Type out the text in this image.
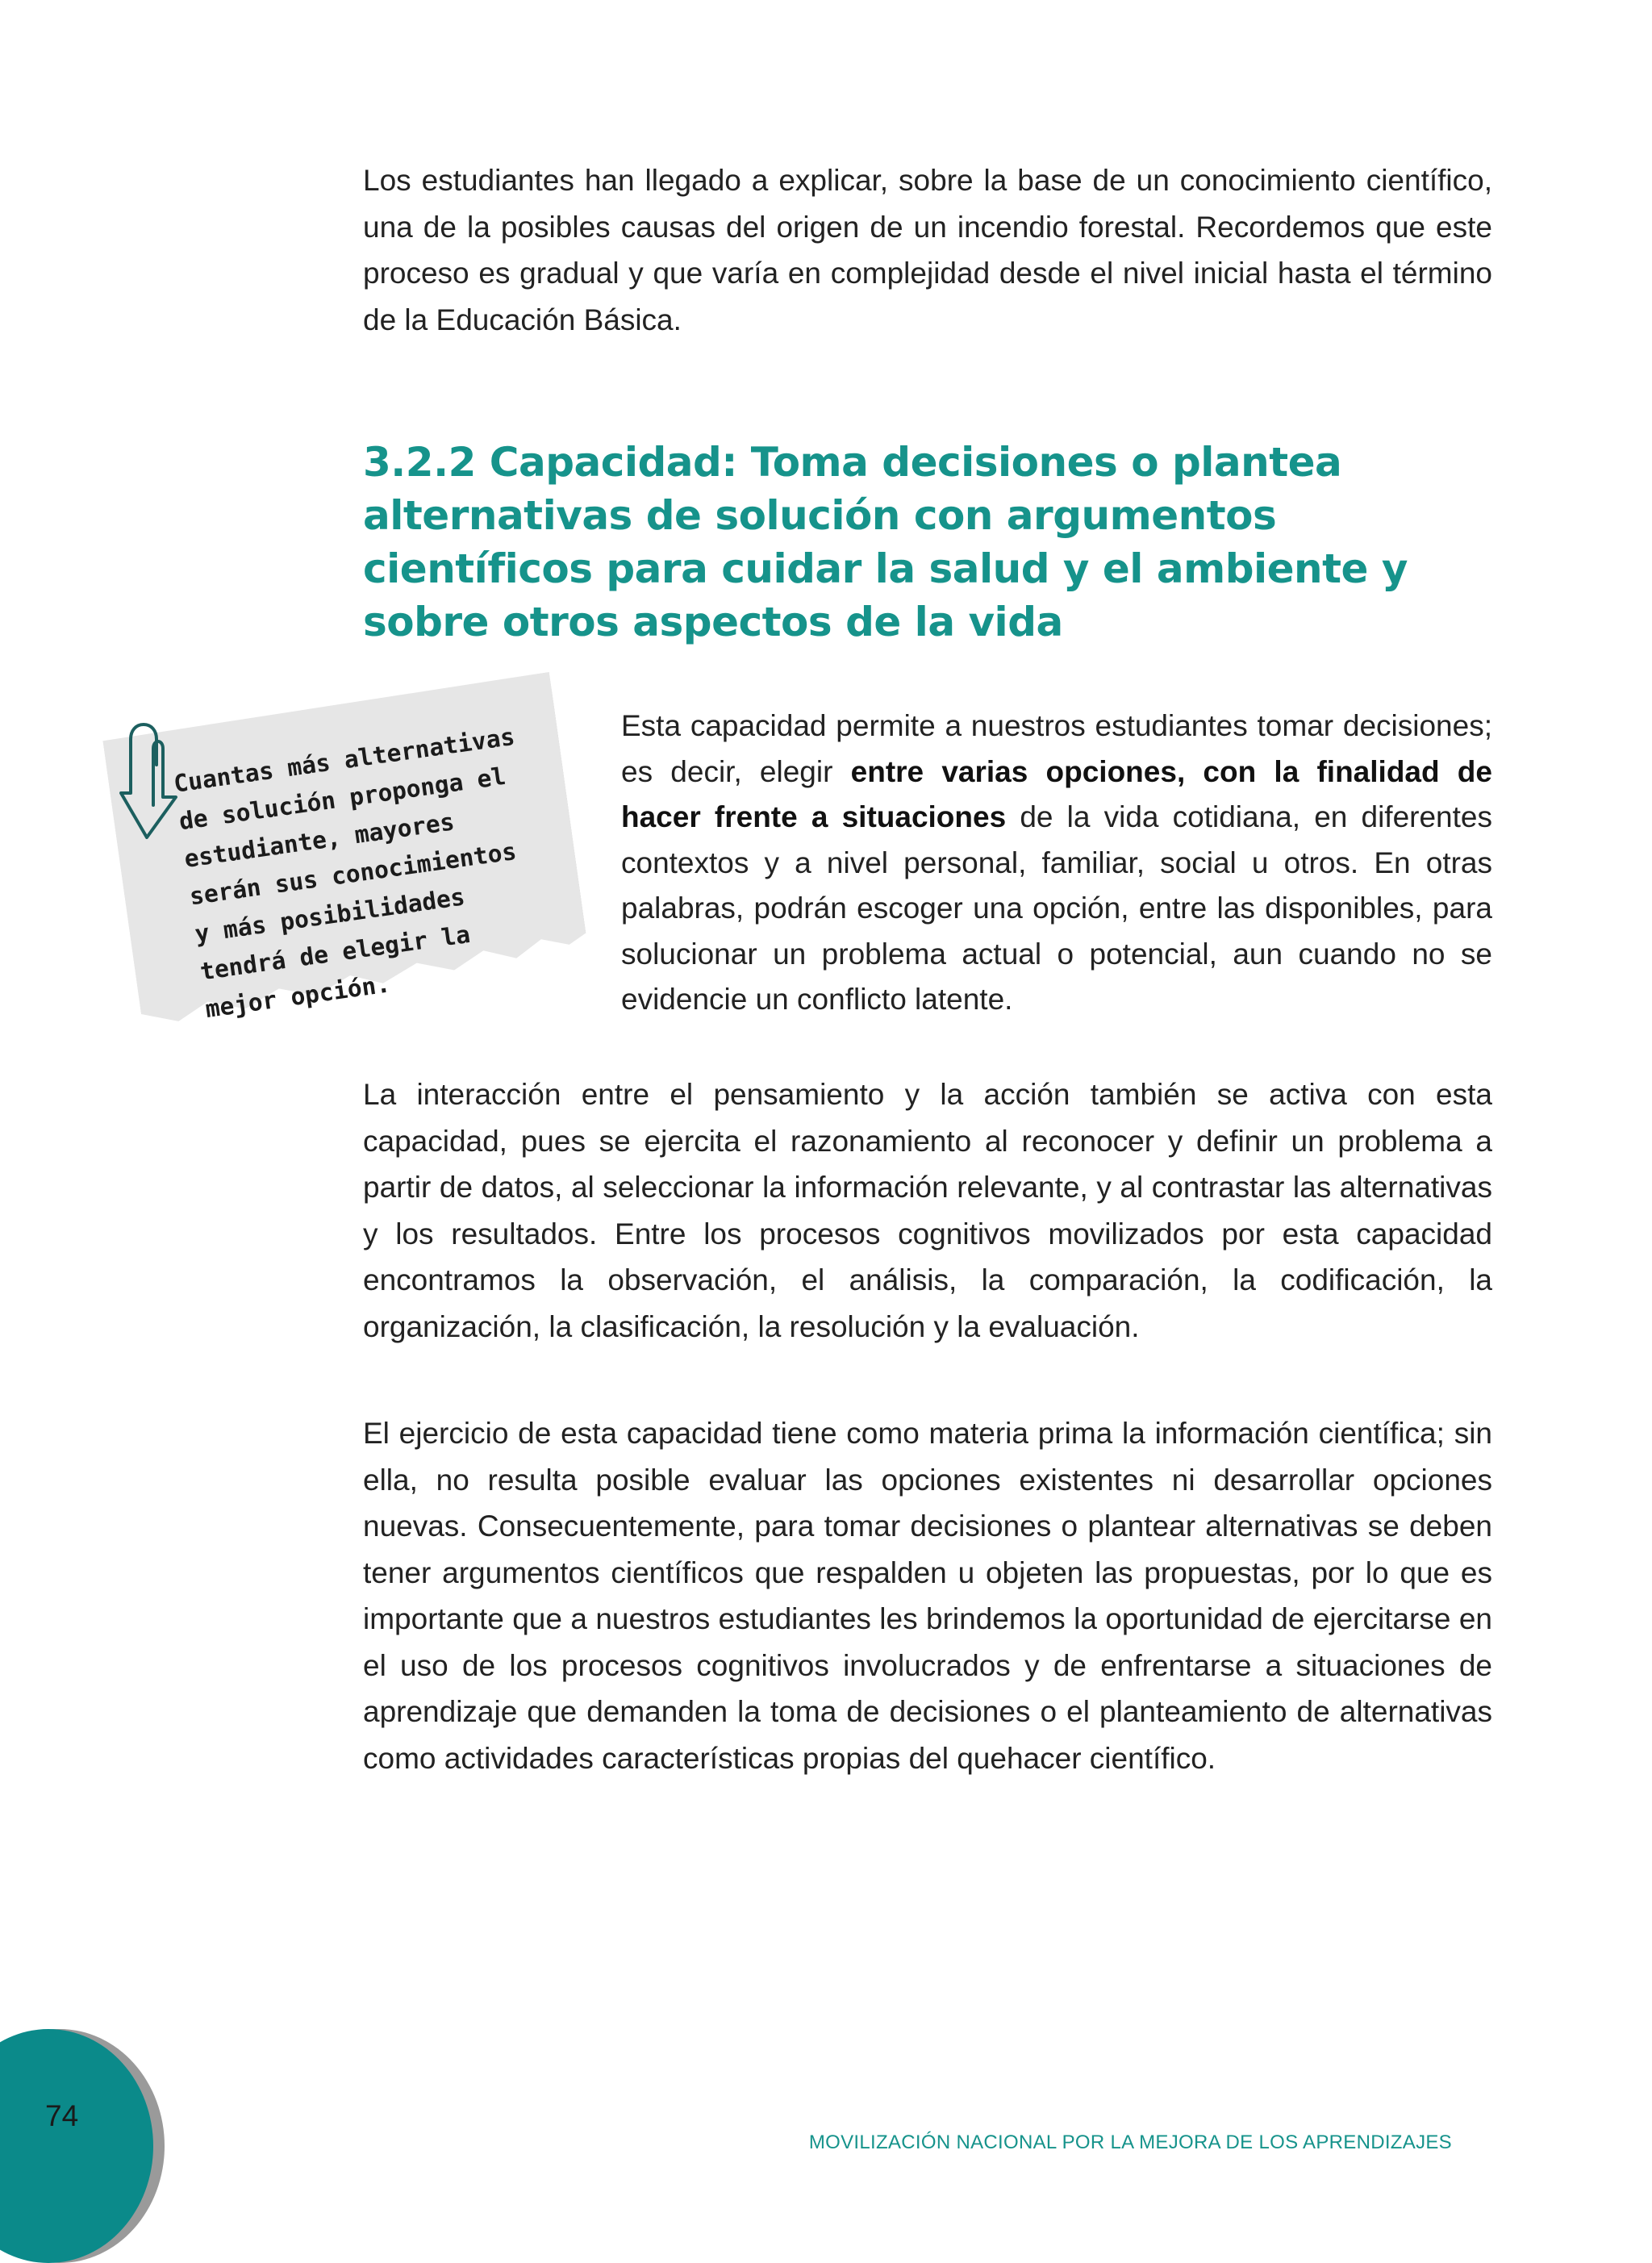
Los estudiantes han llegado a explicar, sobre la base de un conocimiento científico, una de la posibles causas del origen de un incendio forestal. Recordemos que este proceso es gradual y que varía en complejidad desde el nivel inicial hasta el término de la Educación Básica.

3.2.2 Capacidad: Toma decisiones o plantea alternativas de solución con argumentos científicos para cuidar la salud y el ambiente y sobre otros aspectos de la vida

Cuantas más alternativas de solución proponga el estudiante, mayores serán sus conocimientos y más posibilidades tendrá de elegir la mejor opción.

Esta capacidad permite a nuestros estudiantes tomar decisiones; es decir, elegir entre varias opciones, con la finalidad de hacer frente a situaciones de la vida cotidiana, en diferentes contextos y a nivel personal, familiar, social u otros. En otras palabras, podrán escoger una opción, entre las disponibles, para solucionar un problema actual o potencial, aun cuando no se evidencie un conflicto latente.

La interacción entre el pensamiento y la acción también se activa con esta capacidad, pues se ejercita el razonamiento al reconocer y definir un problema a partir de datos, al seleccionar la información relevante, y al contrastar las alternativas y los resultados. Entre los procesos cognitivos movilizados por esta capacidad encontramos la observación, el análisis, la comparación, la codificación, la organización, la clasificación, la resolución y la evaluación.

El ejercicio de esta capacidad tiene como materia prima la información científica; sin ella, no resulta posible evaluar las opciones existentes ni desarrollar opciones nuevas. Consecuentemente, para tomar decisiones o plantear alternativas se deben tener argumentos científicos que respalden u objeten las propuestas, por lo que es importante que a nuestros estudiantes les brindemos la oportunidad de ejercitarse en el uso de los procesos cognitivos involucrados y de enfrentarse a situaciones de aprendizaje que demanden la toma de decisiones o el planteamiento de alternativas como actividades características propias del quehacer científico.

74

MOVILIZACIÓN NACIONAL POR LA MEJORA DE LOS APRENDIZAJES
